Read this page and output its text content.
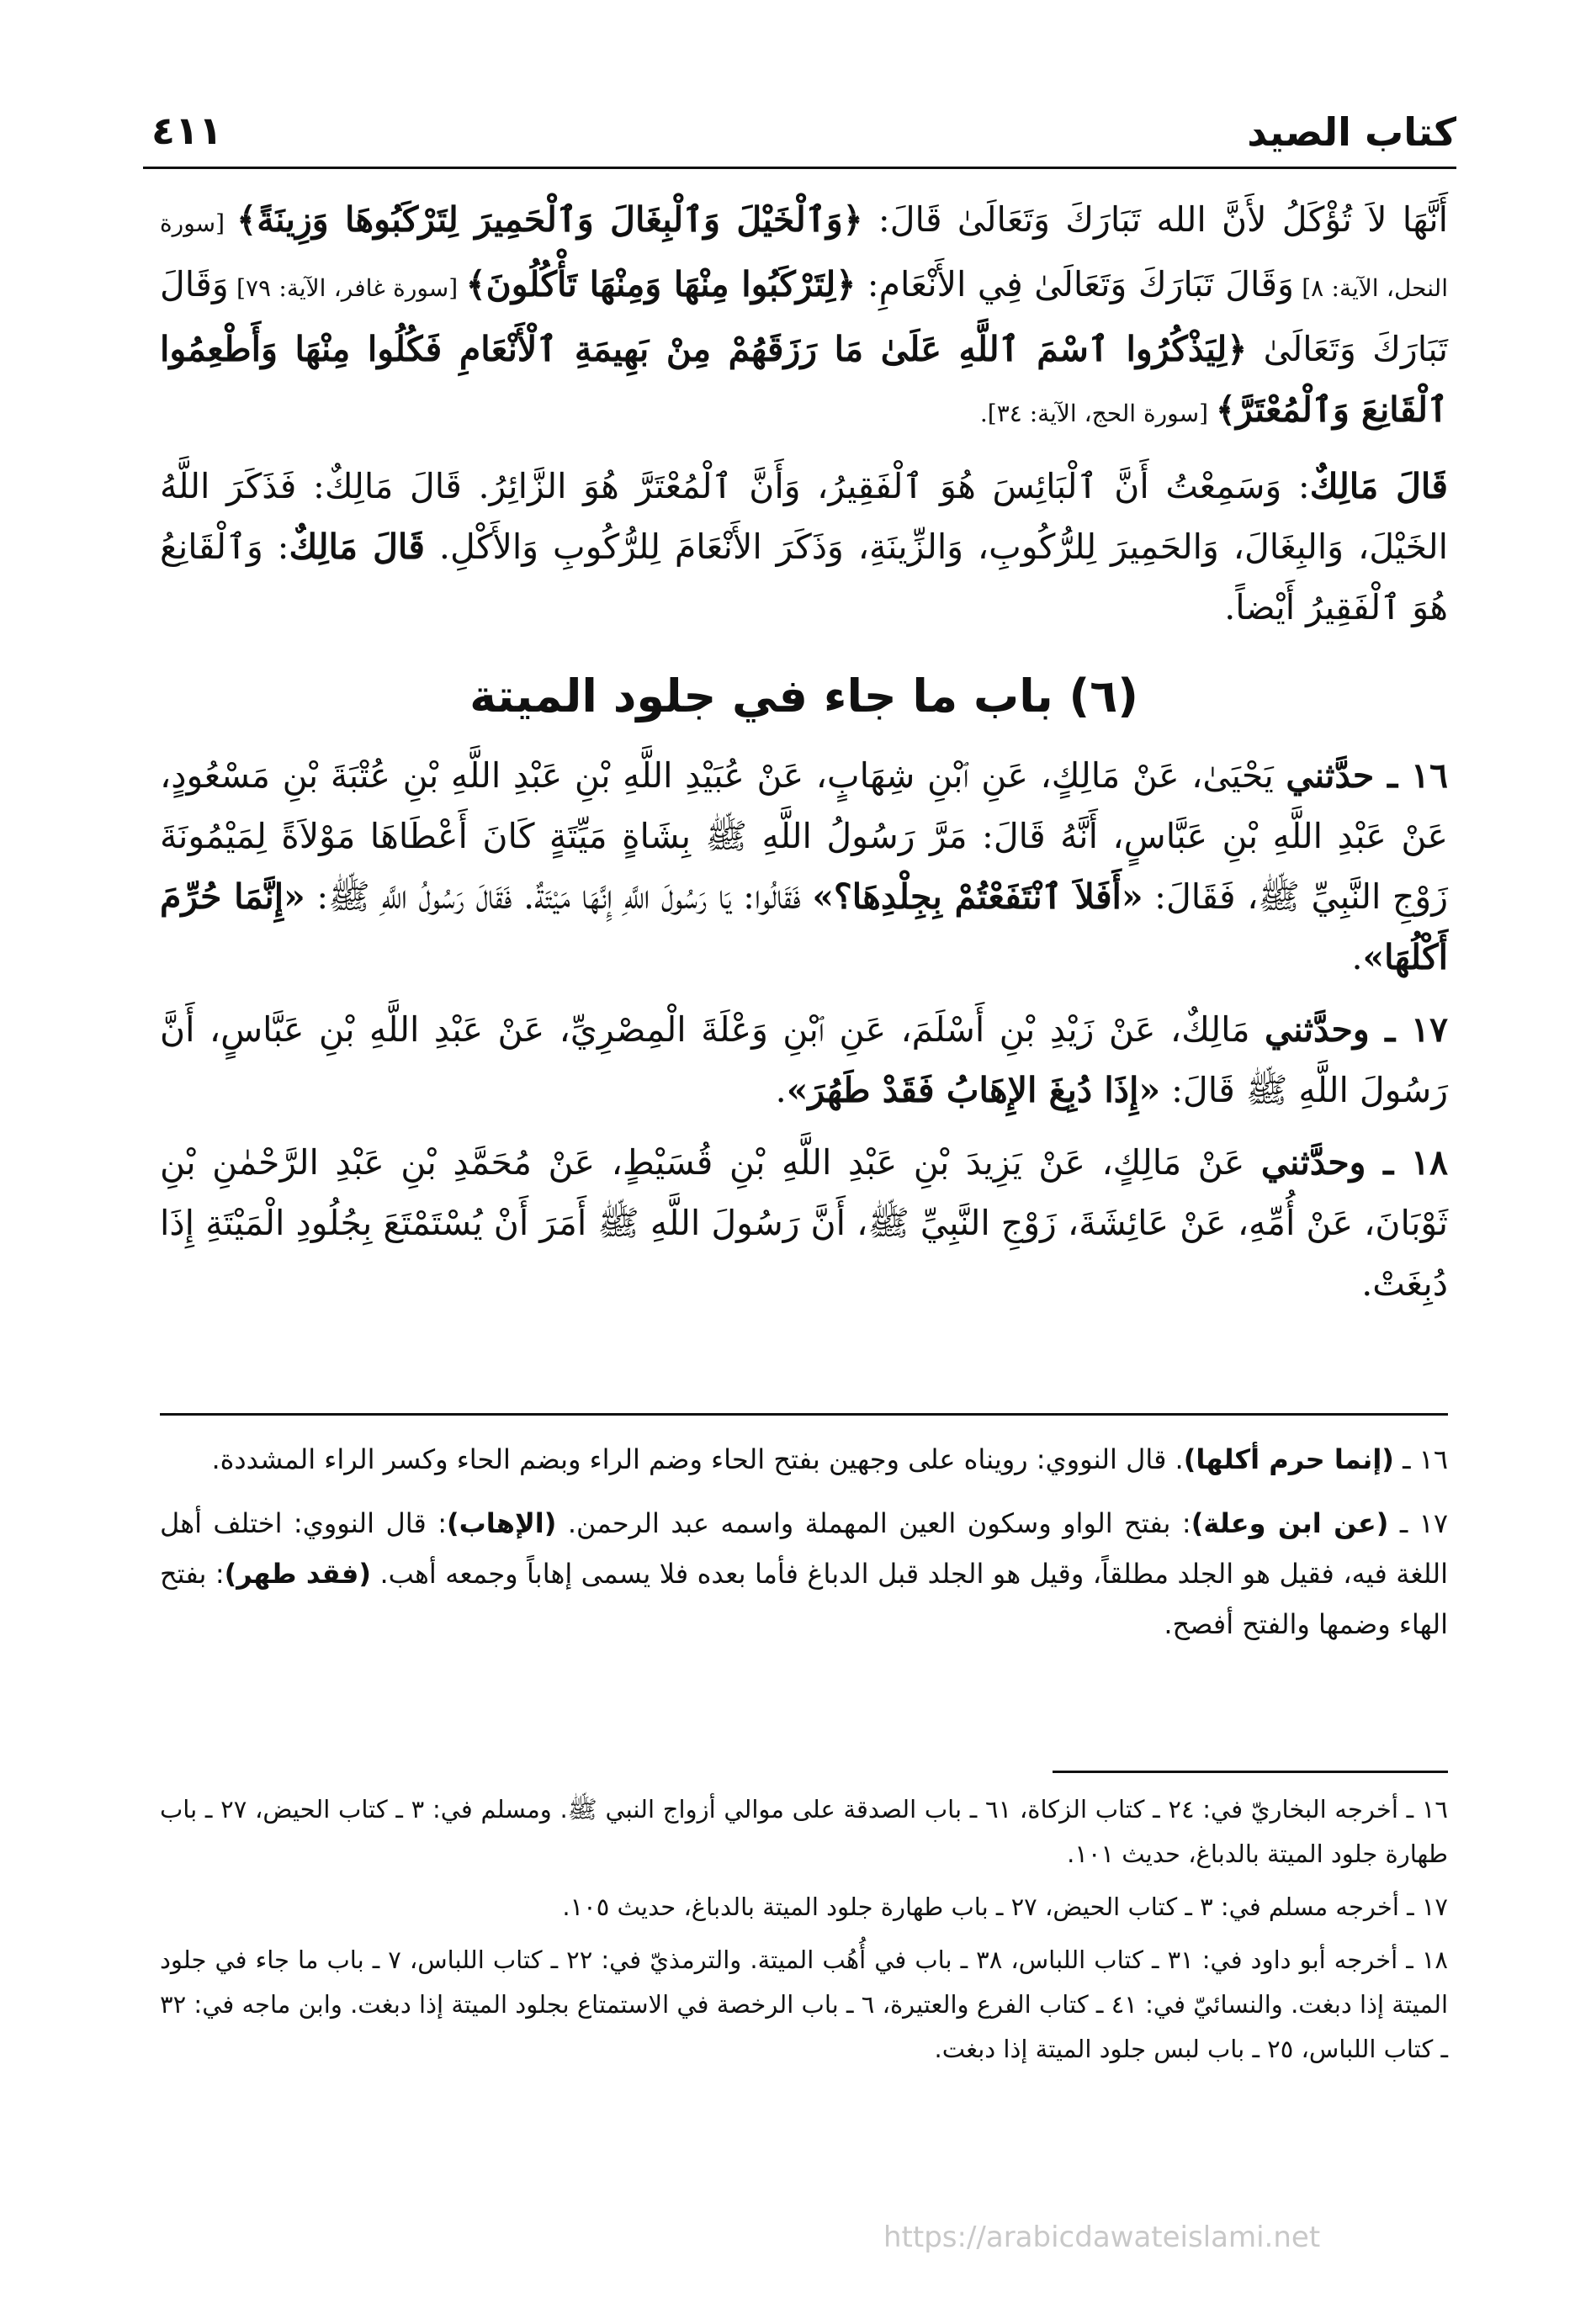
كتاب الصيد
٤١١

أَنَّهَا لاَ تُؤْكَلُ لأَنَّ الله تَبَارَكَ وَتَعَالَىٰ قَالَ: ﴿وَٱلْخَيْلَ وَٱلْبِغَالَ وَٱلْحَمِيرَ لِتَرْكَبُوهَا وَزِينَةً﴾ [سورة النحل، الآية: ٨] وَقَالَ تَبَارَكَ وَتَعَالَىٰ فِي الأَنْعَامِ: ﴿لِتَرْكَبُوا مِنْهَا وَمِنْهَا تَأْكُلُونَ﴾ [سورة غافر، الآية: ٧٩] وَقَالَ تَبَارَكَ وَتَعَالَىٰ ﴿لِيَذْكُرُوا ٱسْمَ ٱللَّهِ عَلَىٰ مَا رَزَقَهُمْ مِنْ بَهِيمَةِ ٱلْأَنْعَامِ فَكُلُوا مِنْهَا وَأَطْعِمُوا ٱلْقَانِعَ وَٱلْمُعْتَرَّ﴾ [سورة الحج، الآية: ٣٤].

قَالَ مَالِكٌ: وَسَمِعْتُ أَنَّ ٱلْبَائِسَ هُوَ ٱلْفَقِيرُ، وَأَنَّ ٱلْمُعْتَرَّ هُوَ الزَّائِرُ. قَالَ مَالِكٌ: فَذَكَرَ اللَّهُ الخَيْلَ، وَالبِغَالَ، وَالحَمِيرَ لِلرُّكُوبِ، وَالزِّينَةِ، وَذَكَرَ الأَنْعَامَ لِلرُّكُوبِ وَالأَكْلِ. قَالَ مَالِكٌ: وَٱلْقَانِعُ هُوَ ٱلْفَقِيرُ أَيْضاً.

(٦) باب ما جاء في جلود الميتة

١٦ ـ حدَّثني يَحْيَىٰ، عَنْ مَالِكٍ، عَنِ ٱبْنِ شِهَابٍ، عَنْ عُبَيْدِ اللَّهِ بْنِ عَبْدِ اللَّهِ بْنِ عُتْبَةَ بْنِ مَسْعُودٍ، عَنْ عَبْدِ اللَّهِ بْنِ عَبَّاسٍ، أَنَّهُ قَالَ: مَرَّ رَسُولُ اللَّهِ ﷺ بِشَاةٍ مَيِّتَةٍ كَانَ أَعْطَاهَا مَوْلاَةً لِمَيْمُونَةَ زَوْجِ النَّبِيِّ ﷺ، فَقَالَ: «أَفَلاَ ٱنْتَفَعْتُمْ بِجِلْدِهَا؟» فَقَالُوا: يَا رَسُولَ اللَّهِ إِنَّهَا مَيْتَةٌ. فَقَالَ رَسُولُ اللَّهِ ﷺ: «إِنَّمَا حُرِّمَ أَكْلُهَا».

١٧ ـ وحدَّثني مَالِكٌ، عَنْ زَيْدِ بْنِ أَسْلَمَ، عَنِ ٱبْنِ وَعْلَةَ الْمِصْرِيِّ، عَنْ عَبْدِ اللَّهِ بْنِ عَبَّاسٍ، أَنَّ رَسُولَ اللَّهِ ﷺ قَالَ: «إِذَا دُبِغَ الإِهَابُ فَقَدْ طَهُرَ».

١٨ ـ وحدَّثني عَنْ مَالِكٍ، عَنْ يَزِيدَ بْنِ عَبْدِ اللَّهِ بْنِ قُسَيْطٍ، عَنْ مُحَمَّدِ بْنِ عَبْدِ الرَّحْمٰنِ بْنِ ثَوْبَانَ، عَنْ أُمِّهِ، عَنْ عَائِشَةَ، زَوْجِ النَّبِيِّ ﷺ، أَنَّ رَسُولَ اللَّهِ ﷺ أَمَرَ أَنْ يُسْتَمْتَعَ بِجُلُودِ الْمَيْتَةِ إِذَا دُبِغَتْ.

١٦ ـ (إنما حرم أكلها). قال النووي: رويناه على وجهين بفتح الحاء وضم الراء وبضم الحاء وكسر الراء المشددة.

١٧ ـ (عن ابن وعلة): بفتح الواو وسكون العين المهملة واسمه عبد الرحمن. (الإهاب): قال النووي: اختلف أهل اللغة فيه، فقيل هو الجلد مطلقاً، وقيل هو الجلد قبل الدباغ فأما بعده فلا يسمى إهاباً وجمعه أهب. (فقد طهر): بفتح الهاء وضمها والفتح أفصح.

١٦ ـ أخرجه البخاريّ في: ٢٤ ـ كتاب الزكاة، ٦١ ـ باب الصدقة على موالي أزواج النبي ﷺ. ومسلم في: ٣ ـ كتاب الحيض، ٢٧ ـ باب طهارة جلود الميتة بالدباغ، حديث ١٠١.

١٧ ـ أخرجه مسلم في: ٣ ـ كتاب الحيض، ٢٧ ـ باب طهارة جلود الميتة بالدباغ، حديث ١٠٥.

١٨ ـ أخرجه أبو داود في: ٣١ ـ كتاب اللباس، ٣٨ ـ باب في أُهُب الميتة. والترمذيّ في: ٢٢ ـ كتاب اللباس، ٧ ـ باب ما جاء في جلود الميتة إذا دبغت. والنسائيّ في: ٤١ ـ كتاب الفرع والعتيرة، ٦ ـ باب الرخصة في الاستمتاع بجلود الميتة إذا دبغت. وابن ماجه في: ٣٢ ـ كتاب اللباس، ٢٥ ـ باب لبس جلود الميتة إذا دبغت.

https://arabicdawateislami.net
